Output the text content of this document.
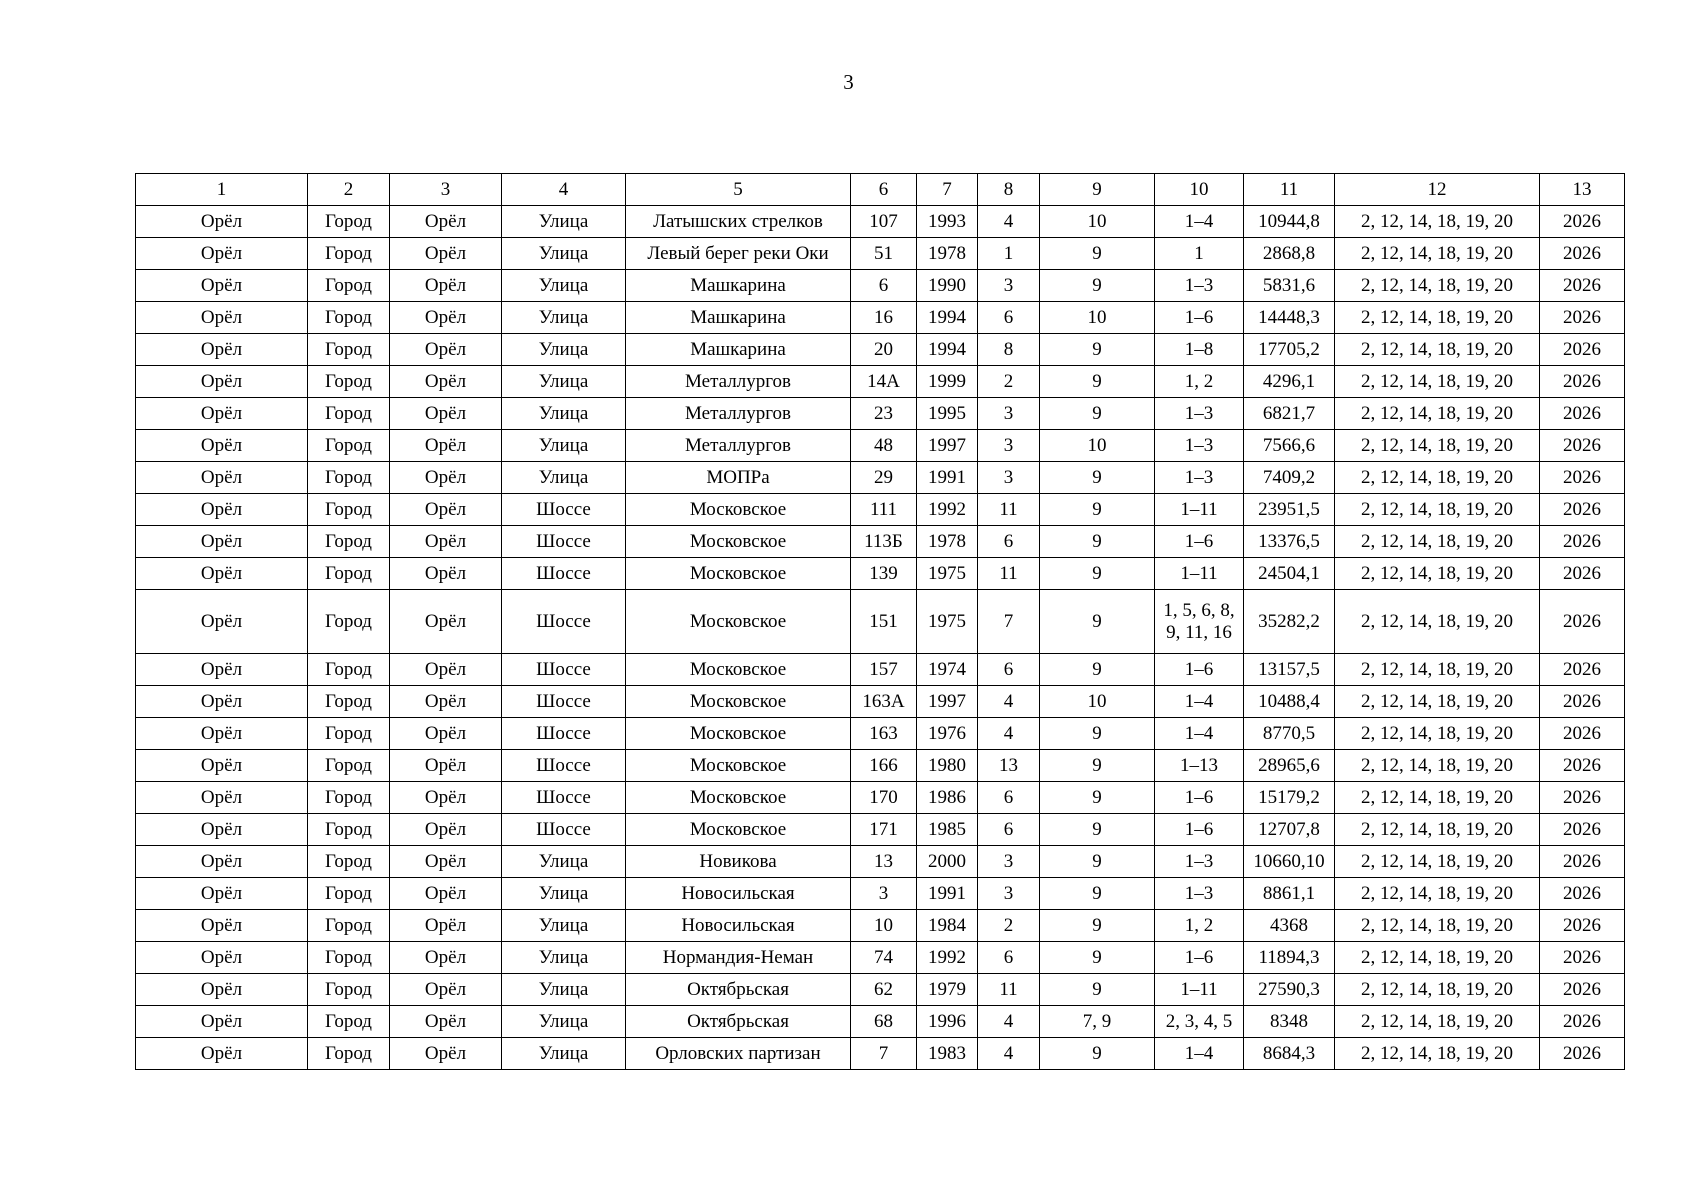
3
1	2	3	4	5	6	7	8	9	10	11	12	13
Орёл	Город	Орёл	Улица	Латышских стрелков	107	1993	4	10	1–4	10944,8	2, 12, 14, 18, 19, 20	2026
Орёл	Город	Орёл	Улица	Левый берег реки Оки	51	1978	1	9	1	2868,8	2, 12, 14, 18, 19, 20	2026
Орёл	Город	Орёл	Улица	Машкарина	6	1990	3	9	1–3	5831,6	2, 12, 14, 18, 19, 20	2026
Орёл	Город	Орёл	Улица	Машкарина	16	1994	6	10	1–6	14448,3	2, 12, 14, 18, 19, 20	2026
Орёл	Город	Орёл	Улица	Машкарина	20	1994	8	9	1–8	17705,2	2, 12, 14, 18, 19, 20	2026
Орёл	Город	Орёл	Улица	Металлургов	14А	1999	2	9	1, 2	4296,1	2, 12, 14, 18, 19, 20	2026
Орёл	Город	Орёл	Улица	Металлургов	23	1995	3	9	1–3	6821,7	2, 12, 14, 18, 19, 20	2026
Орёл	Город	Орёл	Улица	Металлургов	48	1997	3	10	1–3	7566,6	2, 12, 14, 18, 19, 20	2026
Орёл	Город	Орёл	Улица	МОПРа	29	1991	3	9	1–3	7409,2	2, 12, 14, 18, 19, 20	2026
Орёл	Город	Орёл	Шоссе	Московское	111	1992	11	9	1–11	23951,5	2, 12, 14, 18, 19, 20	2026
Орёл	Город	Орёл	Шоссе	Московское	113Б	1978	6	9	1–6	13376,5	2, 12, 14, 18, 19, 20	2026
Орёл	Город	Орёл	Шоссе	Московское	139	1975	11	9	1–11	24504,1	2, 12, 14, 18, 19, 20	2026
Орёл	Город	Орёл	Шоссе	Московское	151	1975	7	9	1, 5, 6, 8, 9, 11, 16	35282,2	2, 12, 14, 18, 19, 20	2026
Орёл	Город	Орёл	Шоссе	Московское	157	1974	6	9	1–6	13157,5	2, 12, 14, 18, 19, 20	2026
Орёл	Город	Орёл	Шоссе	Московское	163А	1997	4	10	1–4	10488,4	2, 12, 14, 18, 19, 20	2026
Орёл	Город	Орёл	Шоссе	Московское	163	1976	4	9	1–4	8770,5	2, 12, 14, 18, 19, 20	2026
Орёл	Город	Орёл	Шоссе	Московское	166	1980	13	9	1–13	28965,6	2, 12, 14, 18, 19, 20	2026
Орёл	Город	Орёл	Шоссе	Московское	170	1986	6	9	1–6	15179,2	2, 12, 14, 18, 19, 20	2026
Орёл	Город	Орёл	Шоссе	Московское	171	1985	6	9	1–6	12707,8	2, 12, 14, 18, 19, 20	2026
Орёл	Город	Орёл	Улица	Новикова	13	2000	3	9	1–3	10660,10	2, 12, 14, 18, 19, 20	2026
Орёл	Город	Орёл	Улица	Новосильская	3	1991	3	9	1–3	8861,1	2, 12, 14, 18, 19, 20	2026
Орёл	Город	Орёл	Улица	Новосильская	10	1984	2	9	1, 2	4368	2, 12, 14, 18, 19, 20	2026
Орёл	Город	Орёл	Улица	Нормандия-Неман	74	1992	6	9	1–6	11894,3	2, 12, 14, 18, 19, 20	2026
Орёл	Город	Орёл	Улица	Октябрьская	62	1979	11	9	1–11	27590,3	2, 12, 14, 18, 19, 20	2026
Орёл	Город	Орёл	Улица	Октябрьская	68	1996	4	7, 9	2, 3, 4, 5	8348	2, 12, 14, 18, 19, 20	2026
Орёл	Город	Орёл	Улица	Орловских партизан	7	1983	4	9	1–4	8684,3	2, 12, 14, 18, 19, 20	2026
